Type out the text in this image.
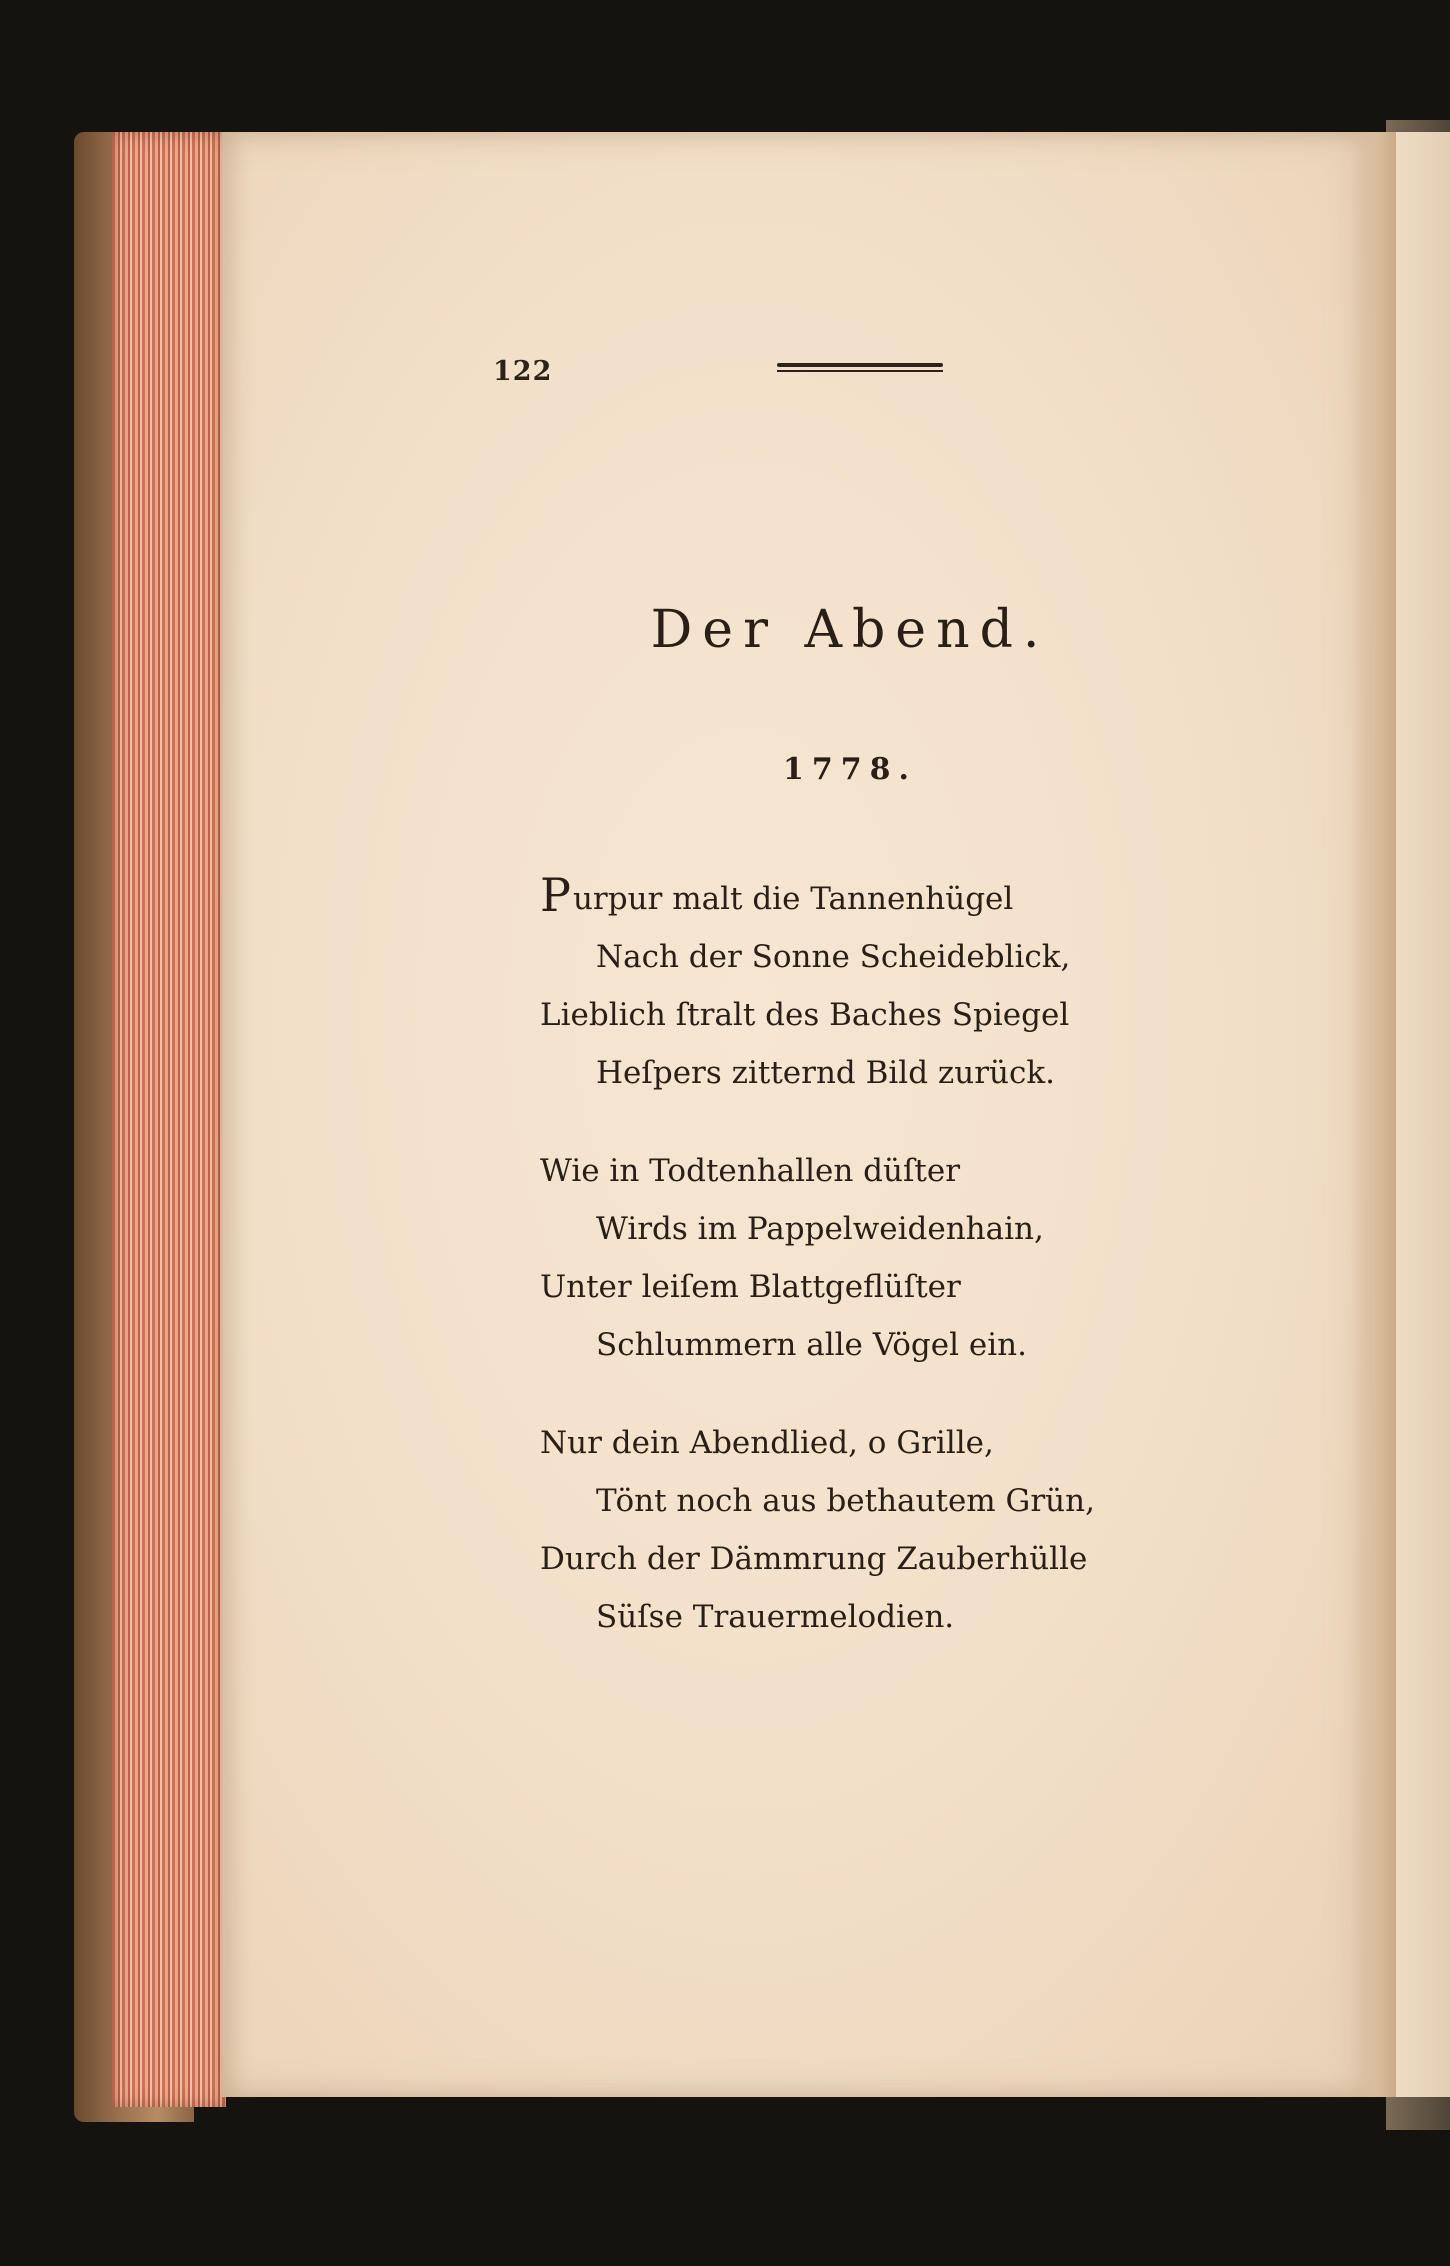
122
Der Abend.
1778.
Purpur malt die Tannenhügel
Nach der Sonne Scheideblick,
Lieblich ſtralt des Baches Spiegel
Heſpers zitternd Bild zurück.
Wie in Todtenhallen düſter
Wirds im Pappelweidenhain,
Unter leiſem Blattgeflüſter
Schlummern alle Vögel ein.
Nur dein Abendlied, o Grille,
Tönt noch aus bethautem Grün,
Durch der Dämmrung Zauberhülle
Süſse Trauermelodien.
